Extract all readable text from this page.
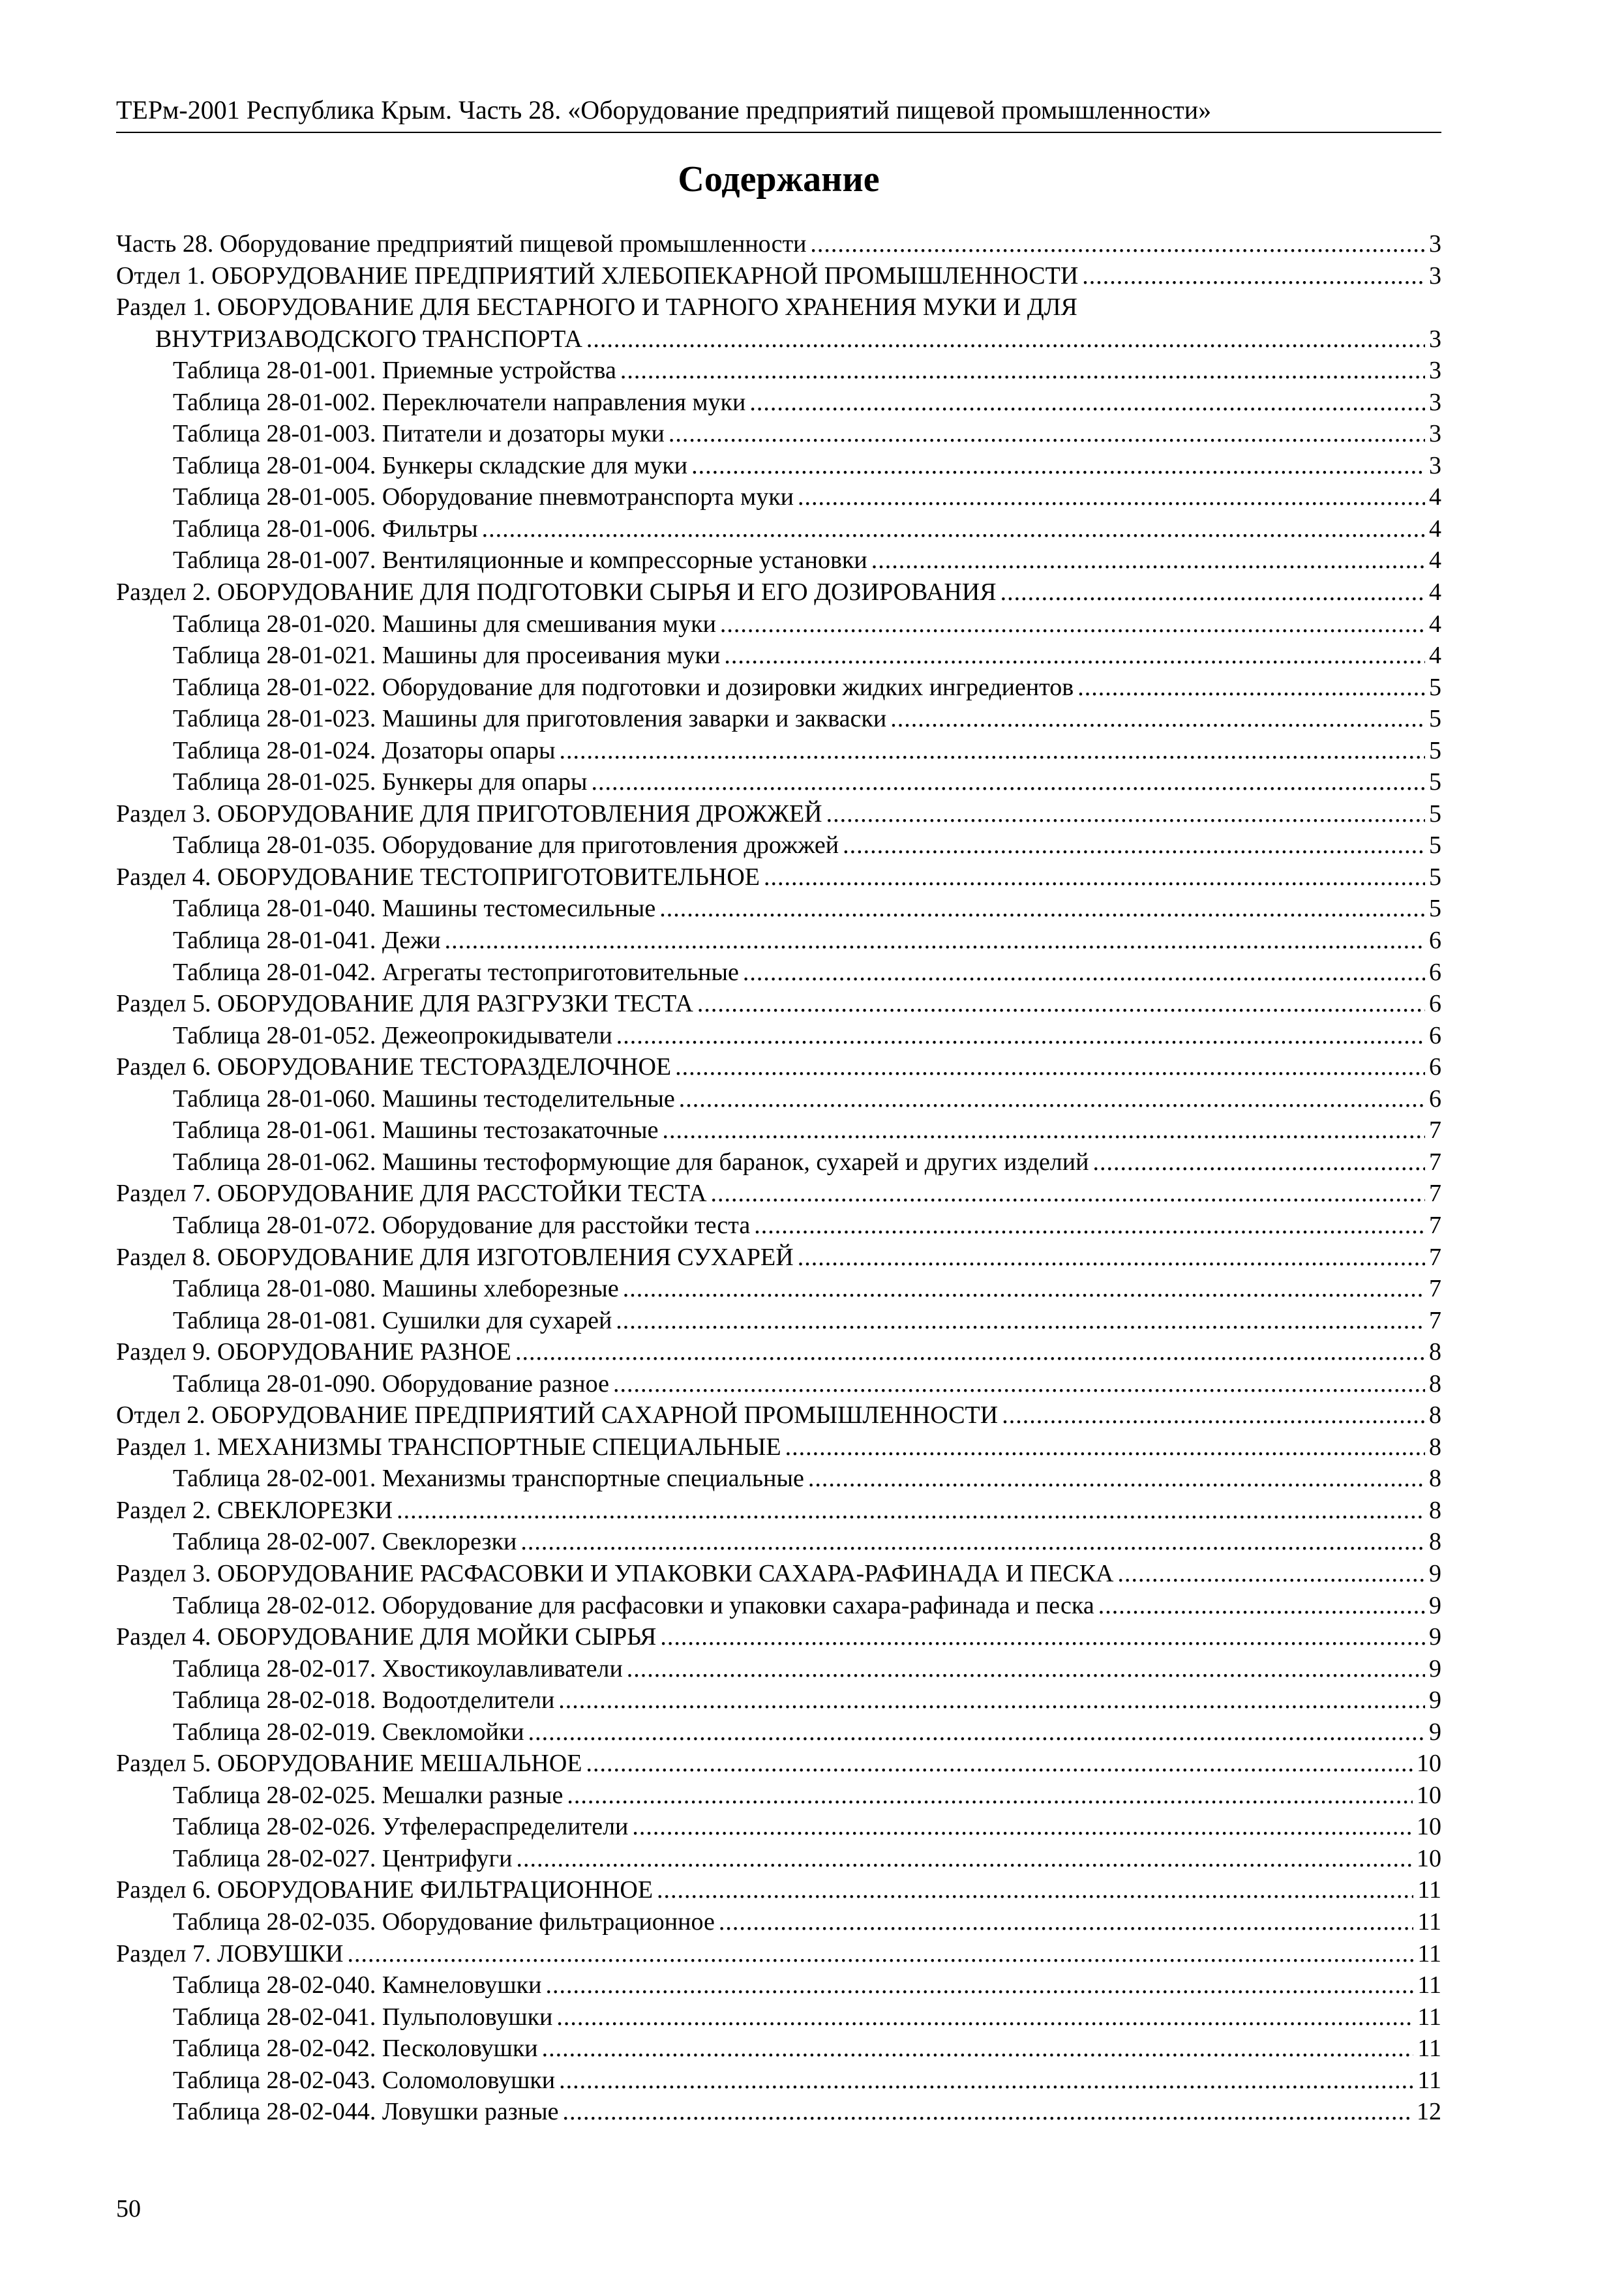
ТЕРм-2001 Республика Крым. Часть 28. «Оборудование предприятий пищевой промышленности»
Содержание
Часть 28. Оборудование предприятий пищевой промышленности .....	3
Отдел 1. ОБОРУДОВАНИЕ ПРЕДПРИЯТИЙ ХЛЕБОПЕКАРНОЙ ПРОМЫШЛЕННОСТИ .....	3
Раздел 1. ОБОРУДОВАНИЕ ДЛЯ БЕСТАРНОГО И ТАРНОГО ХРАНЕНИЯ МУКИ И ДЛЯ
ВНУТРИЗАВОДСКОГО ТРАНСПОРТА .....	3
Таблица 28-01-001. Приемные устройства .....	3
Таблица 28-01-002. Переключатели направления муки .....	3
Таблица 28-01-003. Питатели и дозаторы муки .....	3
Таблица 28-01-004. Бункеры складские для муки .....	3
Таблица 28-01-005. Оборудование пневмотранспорта муки .....	4
Таблица 28-01-006. Фильтры .....	4
Таблица 28-01-007. Вентиляционные и компрессорные установки .....	4
Раздел 2. ОБОРУДОВАНИЕ ДЛЯ ПОДГОТОВКИ СЫРЬЯ И ЕГО ДОЗИРОВАНИЯ .....	4
Таблица 28-01-020. Машины для смешивания муки .....	4
Таблица 28-01-021. Машины для просеивания муки .....	4
Таблица 28-01-022. Оборудование для подготовки и дозировки жидких ингредиентов .....	5
Таблица 28-01-023. Машины для приготовления заварки и закваски .....	5
Таблица 28-01-024. Дозаторы опары .....	5
Таблица 28-01-025. Бункеры для опары .....	5
Раздел 3. ОБОРУДОВАНИЕ ДЛЯ ПРИГОТОВЛЕНИЯ ДРОЖЖЕЙ .....	5
Таблица 28-01-035. Оборудование для приготовления дрожжей .....	5
Раздел 4. ОБОРУДОВАНИЕ ТЕСТОПРИГОТОВИТЕЛЬНОЕ .....	5
Таблица 28-01-040. Машины тестомесильные .....	5
Таблица 28-01-041. Дежи .....	6
Таблица 28-01-042. Агрегаты тестоприготовительные .....	6
Раздел 5. ОБОРУДОВАНИЕ ДЛЯ РАЗГРУЗКИ ТЕСТА .....	6
Таблица 28-01-052. Дежеопрокидыватели .....	6
Раздел 6. ОБОРУДОВАНИЕ ТЕСТОРАЗДЕЛОЧНОЕ .....	6
Таблица 28-01-060. Машины тестоделительные .....	6
Таблица 28-01-061. Машины тестозакаточные .....	7
Таблица 28-01-062. Машины тестоформующие для баранок, сухарей и других изделий .....	7
Раздел 7. ОБОРУДОВАНИЕ ДЛЯ РАССТОЙКИ ТЕСТА .....	7
Таблица 28-01-072. Оборудование для расстойки теста .....	7
Раздел 8. ОБОРУДОВАНИЕ ДЛЯ ИЗГОТОВЛЕНИЯ СУХАРЕЙ .....	7
Таблица 28-01-080. Машины хлеборезные .....	7
Таблица 28-01-081. Сушилки для сухарей .....	7
Раздел 9. ОБОРУДОВАНИЕ РАЗНОЕ .....	8
Таблица 28-01-090. Оборудование разное .....	8
Отдел 2. ОБОРУДОВАНИЕ ПРЕДПРИЯТИЙ САХАРНОЙ ПРОМЫШЛЕННОСТИ .....	8
Раздел 1. МЕХАНИЗМЫ ТРАНСПОРТНЫЕ СПЕЦИАЛЬНЫЕ .....	8
Таблица 28-02-001. Механизмы транспортные специальные .....	8
Раздел 2. СВЕКЛОРЕЗКИ .....	8
Таблица 28-02-007. Свеклорезки .....	8
Раздел 3. ОБОРУДОВАНИЕ РАСФАСОВКИ И УПАКОВКИ САХАРА-РАФИНАДА И ПЕСКА .....	9
Таблица 28-02-012. Оборудование для расфасовки и упаковки сахара-рафинада и песка .....	9
Раздел 4. ОБОРУДОВАНИЕ ДЛЯ МОЙКИ СЫРЬЯ .....	9
Таблица 28-02-017. Хвостикоулавливатели .....	9
Таблица 28-02-018. Водоотделители .....	9
Таблица 28-02-019. Свекломойки .....	9
Раздел 5. ОБОРУДОВАНИЕ МЕШАЛЬНОЕ .....	10
Таблица 28-02-025. Мешалки разные .....	10
Таблица 28-02-026. Утфелераспределители .....	10
Таблица 28-02-027. Центрифуги .....	10
Раздел 6. ОБОРУДОВАНИЕ ФИЛЬТРАЦИОННОЕ .....	11
Таблица 28-02-035. Оборудование фильтрационное .....	11
Раздел 7. ЛОВУШКИ .....	11
Таблица 28-02-040. Камнеловушки .....	11
Таблица 28-02-041. Пульполовушки .....	11
Таблица 28-02-042. Песколовушки .....	11
Таблица 28-02-043. Соломоловушки .....	11
Таблица 28-02-044. Ловушки разные .....	12
50
